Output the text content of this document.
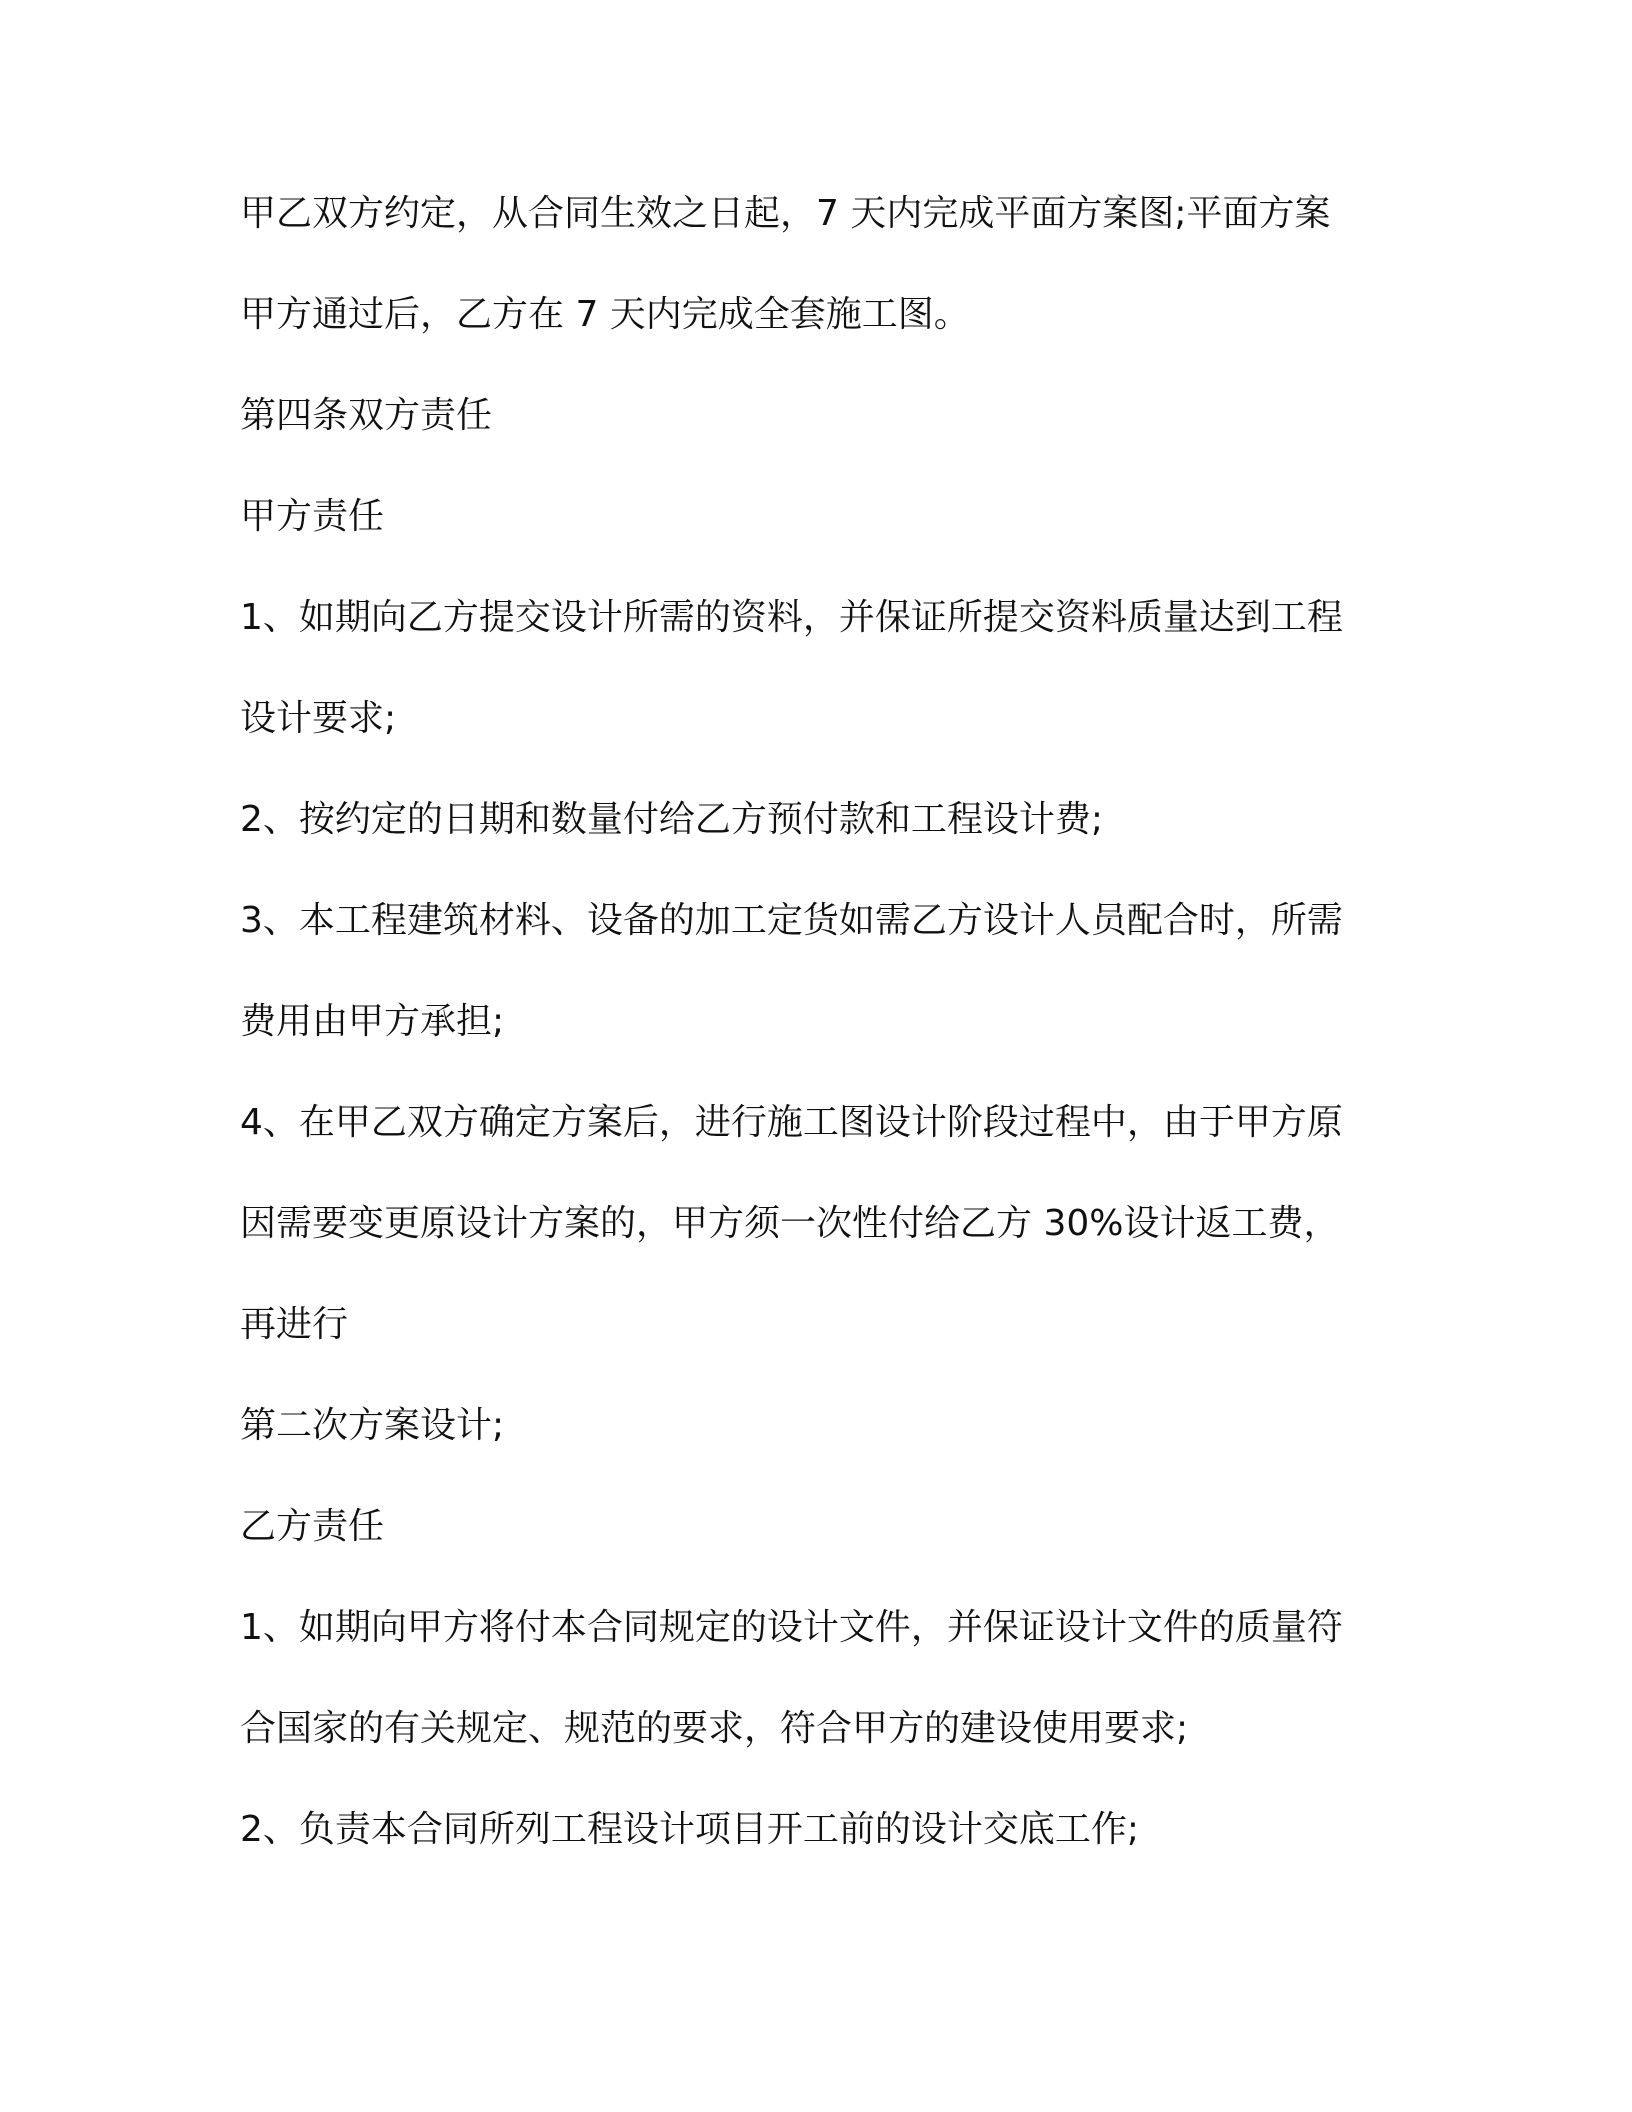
甲乙双方约定，从合同生效之日起，7 天内完成平面方案图;平面方案

甲方通过后，乙方在 7 天内完成全套施工图。

第四条双方责任

甲方责任

1、如期向乙方提交设计所需的资料，并保证所提交资料质量达到工程

设计要求;

2、按约定的日期和数量付给乙方预付款和工程设计费;

3、本工程建筑材料、设备的加工定货如需乙方设计人员配合时，所需

费用由甲方承担;

4、在甲乙双方确定方案后，进行施工图设计阶段过程中，由于甲方原

因需要变更原设计方案的，甲方须一次性付给乙方 30%设计返工费，

再进行

第二次方案设计;

乙方责任

1、如期向甲方将付本合同规定的设计文件，并保证设计文件的质量符

合国家的有关规定、规范的要求，符合甲方的建设使用要求;

2、负责本合同所列工程设计项目开工前的设计交底工作;
